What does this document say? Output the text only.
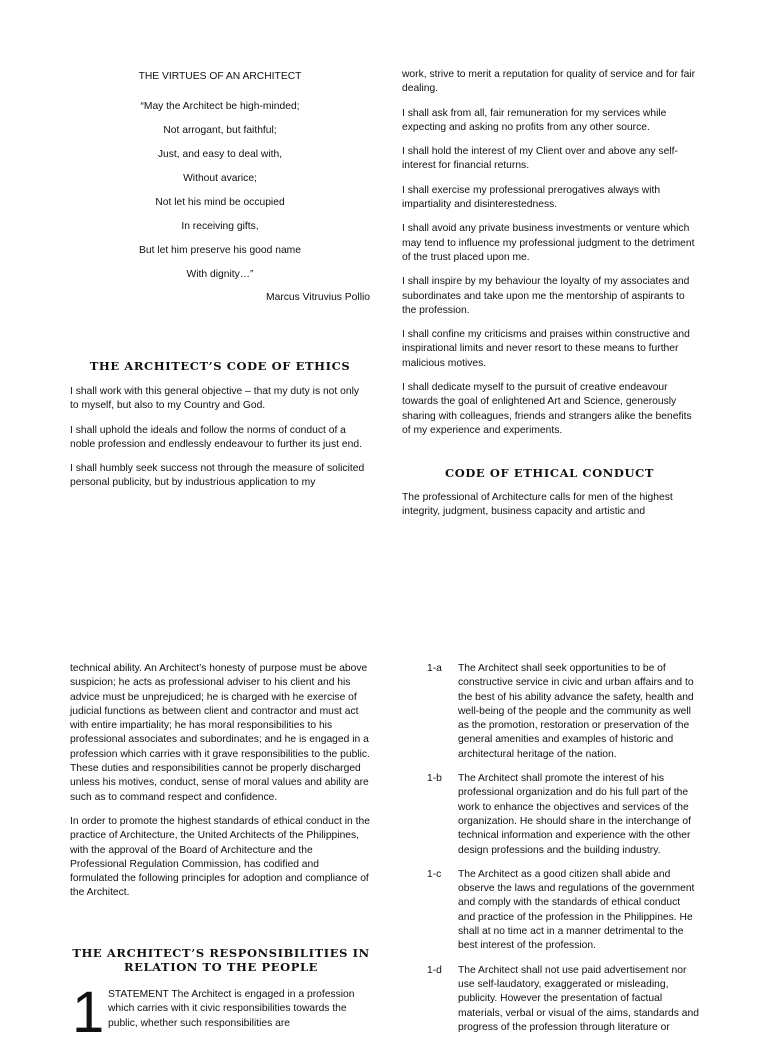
THE VIRTUES OF AN ARCHITECT
“May the Architect be high-minded;
Not arrogant, but faithful;
Just, and easy to deal with,
Without avarice;
Not let his mind be occupied
In receiving gifts,
But let him preserve his good name
With dignity…”
Marcus Vitruvius Pollio
THE ARCHITECT’S CODE OF ETHICS

I shall work with this general objective – that my duty is not only to myself, but also to my Country and God.

I shall uphold the ideals and follow the norms of conduct of a noble profession and endlessly endeavour to further its just end.

I shall humbly seek success not through the measure of solicited personal publicity, but by industrious application to my

work, strive to merit a reputation for quality of service and for fair dealing.

I shall ask from all, fair remuneration for my services while expecting and asking no profits from any other source.

I shall hold the interest of my Client over and above any self-interest for financial returns.

I shall exercise my professional prerogatives always with impartiality and disinterestedness.

I shall avoid any private business investments or venture which may tend to influence my professional judgment to the detriment of the trust placed upon me.

I shall inspire by my behaviour the loyalty of my associates and subordinates and take upon me the mentorship of aspirants to the profession.

I shall confine my criticisms and praises within constructive and inspirational limits and never resort to these means to further malicious motives.

I shall dedicate myself to the pursuit of creative endeavour towards the goal of enlightened Art and Science, generously sharing with colleagues, friends and strangers alike the benefits of my experience and experiments.

CODE OF ETHICAL CONDUCT

The professional of Architecture calls for men of the highest integrity, judgment, business capacity and artistic and

technical ability. An Architect’s honesty of purpose must be above suspicion; he acts as professional adviser to his client and his advice must be unprejudiced; he is charged with he exercise of judicial functions as between client and contractor and must act with entire impartiality; he has moral responsibilities to his professional associates and subordinates; and he is engaged in a profession which carries with it grave responsibilities to the public. These duties and responsibilities cannot be properly discharged unless his motives, conduct, sense of moral values and ability are such as to command respect and confidence.

In order to promote the highest standards of ethical conduct in the practice of Architecture, the United Architects of the Philippines, with the approval of the Board of Architecture and the Professional Regulation Commission, has codified and formulated the following principles for adoption and compliance of the Architect.

THE ARCHITECT’S RESPONSIBILITIES IN RELATION TO THE PEOPLE
1 STATEMENT The Architect is engaged in a profession which carries with it civic responsibilities towards the public, whether such responsibilities are
1-a The Architect shall seek opportunities to be of constructive service in civic and urban affairs and to the best of his ability advance the safety, health and well-being of the people and the community as well as the promotion, restoration or preservation of the general amenities and examples of historic and architectural heritage of the nation.
1-b The Architect shall promote the interest of his professional organization and do his full part of the work to enhance the objectives and services of the organization. He should share in the interchange of technical information and experience with the other design professions and the building industry.
1-c The Architect as a good citizen shall abide and observe the laws and regulations of the government and comply with the standards of ethical conduct and practice of the profession in the Philippines. He shall at no time act in a manner detrimental to the best interest of the profession.
1-d The Architect shall not use paid advertisement nor use self-laudatory, exaggerated or misleading, publicity. However the presentation of factual materials, verbal or visual of the aims, standards and progress of the profession through literature or
